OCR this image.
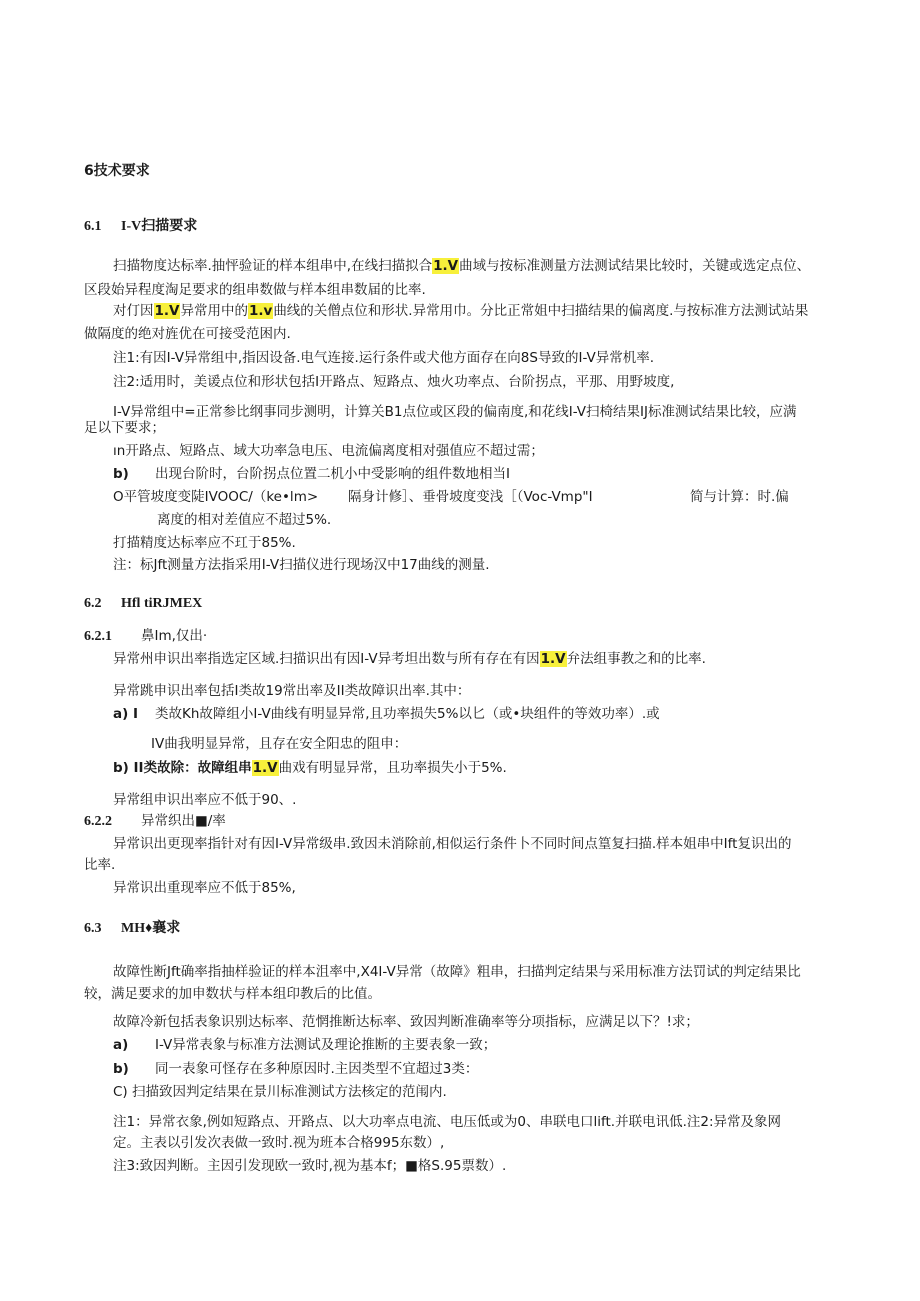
6技术要求
6.1 I-V扫描要求
扫描物度达标率.抽怦验证的样本组串中,在线扫描拟合1.V曲域与按标准测量方法测试结果比较时，关键或选定点位、
区段始异程度淘足要求的组串数做与样本组串数届的比率.
对仃因1.V异常用中的1.v曲线的关僧点位和形状.异常用巾。分比正常姐中扫描结果的偏离度.与按标准方法测试站果
做隔度的绝对旌优在可接受范困内.
注1:有因I-V异常组中,指因设备.电气连接.运行条件或犬他方面存在向8S导致的I-V异常机率.
注2:适用时，美谖点位和形状包括I开路点、短路点、烛火功率点、台阶拐点，平那、用野坡度,
I-V异常组中=正常参比纲事同步测明，计算关B1点位或区段的偏南度,和花线I-V扫椅结果IJ标准测试结果比较，应满
足以下要求；
ın开路点、短路点、域大功率急电压、电流偏离度相对强值应不超过需；
b) 出现台阶时，台阶拐点位置二机小中受影响的组件数地相当I
O平管坡度变陡IVOOC/（ke•lm> 隔身计修］、垂骨坡度变浅［（Voc-Vmp"I	简与计算：时.偏
离度的相对差值应不超过5%.
打描精度达标率应不玒于85%.
注：标Jft测量方法指采用I-V扫描仪进行现场汉中17曲线的测量.
6.2 Hfl tiRJMEX
6.2.1 鼻Im,仅出·
异常州申识出率指选定区域.扫描识出有因I-V异考坦出数与所有存在有因1.V弁法组事教之和的比率.
异常跳申识出率包括I类故19常出率及II类故障识出率.其中：
a) I 类故Kh故障组小I-V曲线有明显异常,且功率损失5%以匕（或•块组件的等效功率）.或
IV曲我明显异常，且存在安全阳忠的阻申：
b) II类故除：故障组串1.V曲戏有明显异常，且功率损失小于5%.
异常组申识出率应不低于90、.
6.2.2 异常织出■/率
异常识出更现率指针对有因I-V异常级串.致因未消除前,相似运行条件卜不同时间点篁复扫描.样本姐串中Ift复识出的
比率.
异常识出重现率应不低于85%,
6.3 MH♦襄求
故障性断Jft确率指抽样验证的样本沮率中,X4I-V异常（故障》粗串，扫描判定结果与采用标准方法罚试的判定结果比
较，满足要求的加申数状与样本组印教后的比值。
故障冷新包括表象识别达标率、范惘推断达标率、致因判断准确率等分项指标，应满足以下？!求；
a) I-V异常表象与标准方法测试及理论推断的主要表象一致；
b) 同一表象可怪存在多种原因时.主因类型不宜超过3类：
C) 扫描致因判定结果在景川标准测试方法核定的范闱内.
注1：异常衣象,例如短路点、开路点、以大功率点电流、电压低或为0、串联电口lift.并联电讯低.注2:异常及象网
定。主表以引发次表做一致时.视为班本合格995东数）,
注3:致因判断。主因引发现欧一致时,视为基本f；■格S.95票数）.
